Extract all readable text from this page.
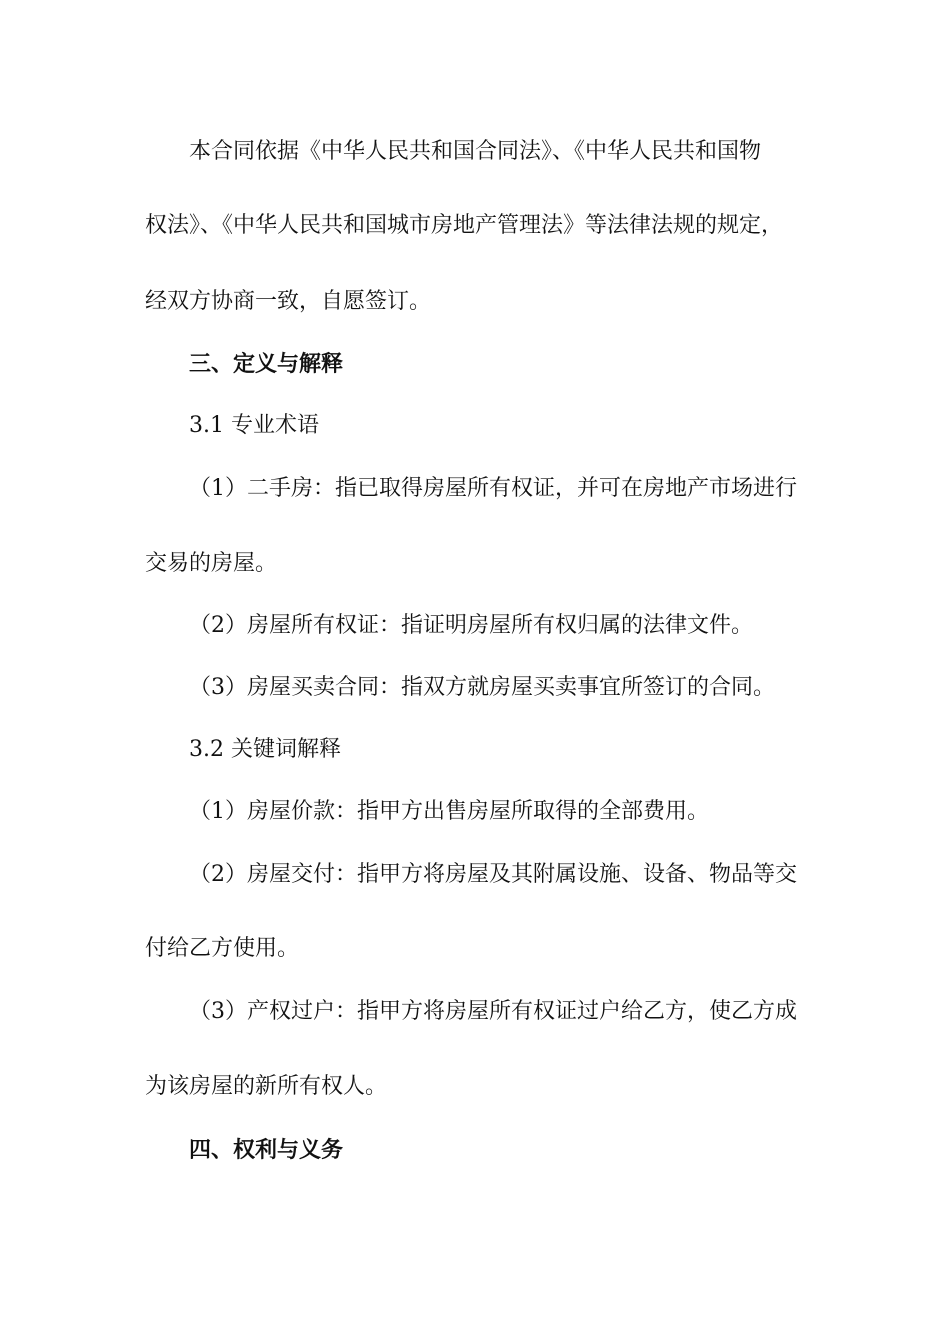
本合同依据《中华人民共和国合同法》、《中华人民共和国物
权法》、《中华人民共和国城市房地产管理法》等法律法规的规定，
经双方协商一致，自愿签订。
三、定义与解释
3.1 专业术语
（1）二手房：指已取得房屋所有权证，并可在房地产市场进行
交易的房屋。
（2）房屋所有权证：指证明房屋所有权归属的法律文件。
（3）房屋买卖合同：指双方就房屋买卖事宜所签订的合同。
3.2 关键词解释
（1）房屋价款：指甲方出售房屋所取得的全部费用。
（2）房屋交付：指甲方将房屋及其附属设施、设备、物品等交
付给乙方使用。
（3）产权过户：指甲方将房屋所有权证过户给乙方，使乙方成
为该房屋的新所有权人。
四、权利与义务
